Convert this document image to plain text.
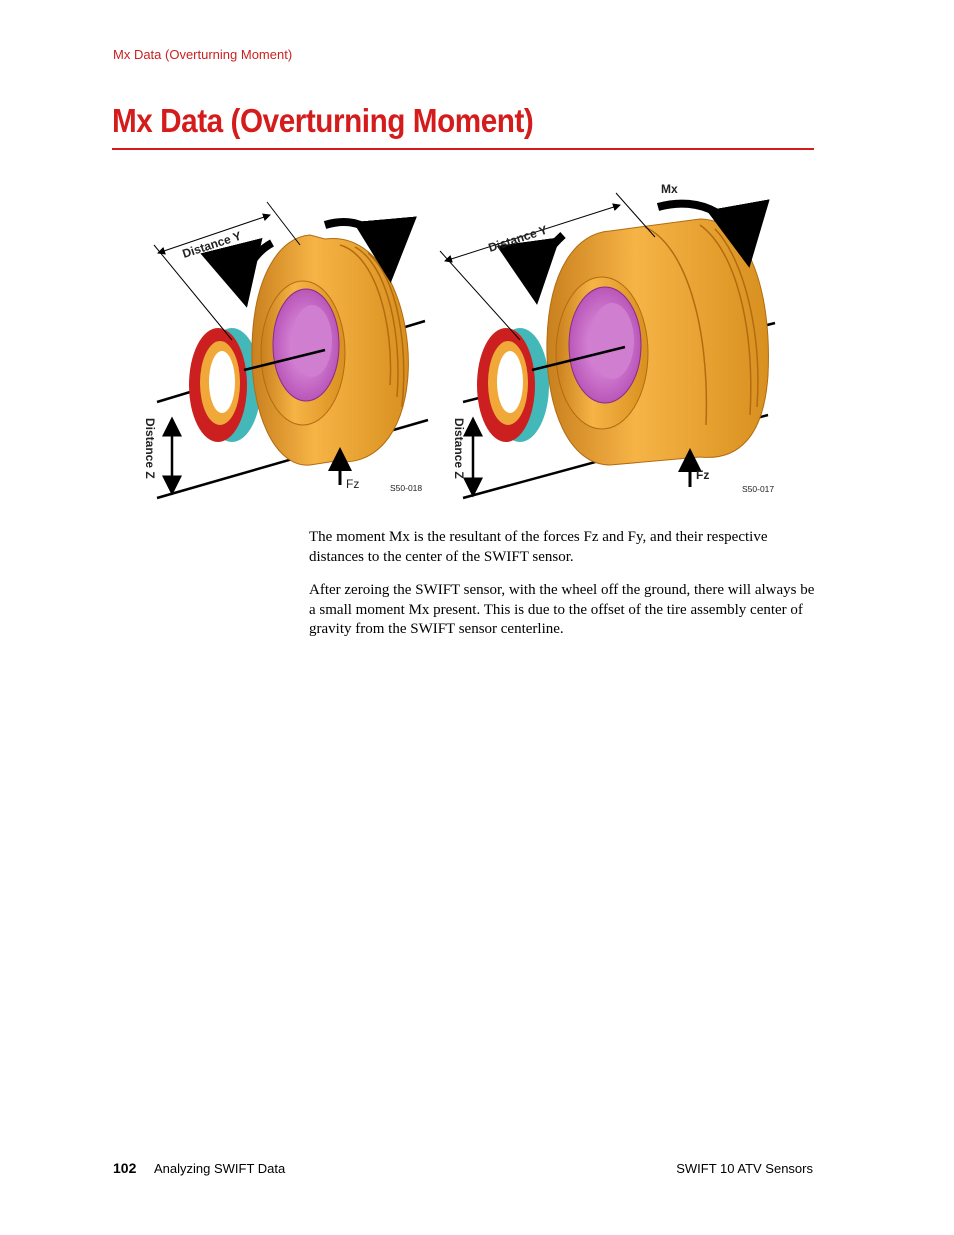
Mx Data (Overturning Moment)
Mx Data (Overturning Moment)
Distance Y
Distance Z
Fz	S50-018
Mx
Distance Y
Distance Z	Fz
S50-017

The moment Mx is the resultant of the forces Fz and Fy, and their respective distances to the center of the SWIFT sensor.

After zeroing the SWIFT sensor, with the wheel off the ground, there will always be a small moment Mx present. This is due to the offset of the tire assembly center of gravity from the SWIFT sensor centerline.

102 Analyzing SWIFT Data	SWIFT 10 ATV Sensors
